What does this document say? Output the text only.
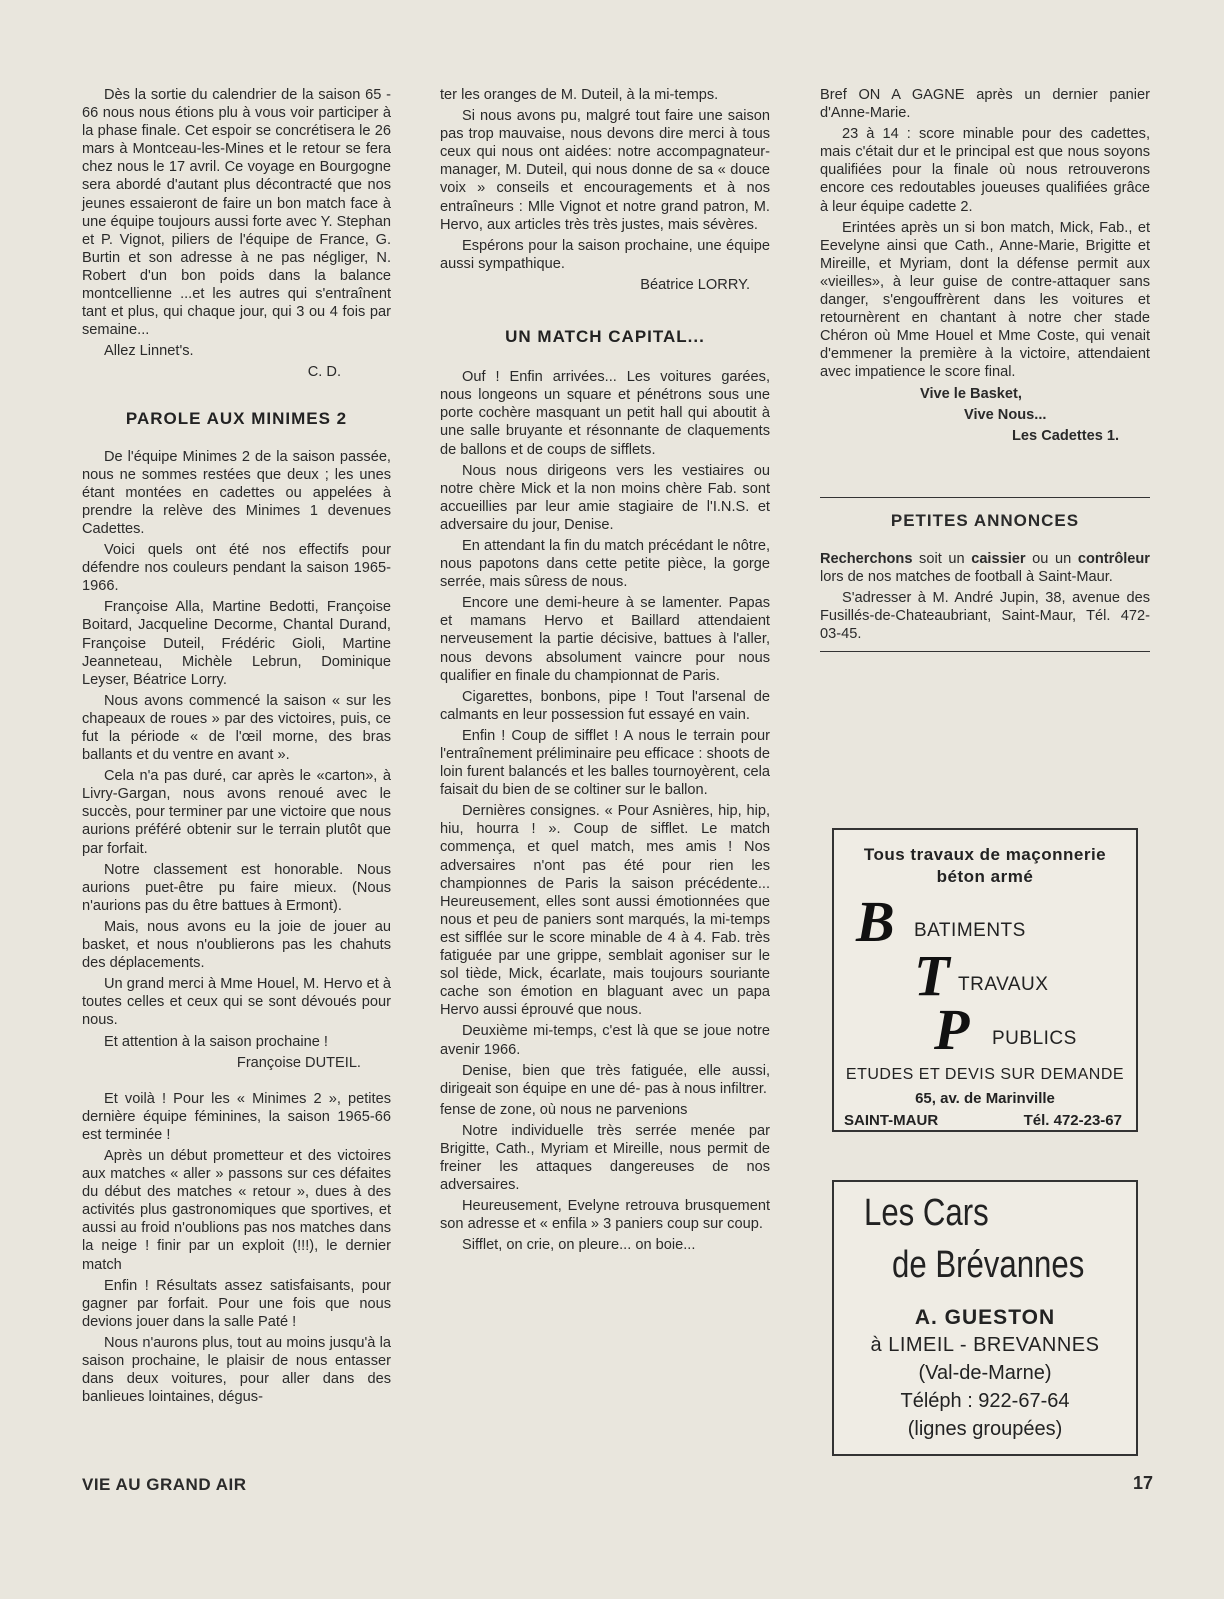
Dès la sortie du calendrier de la saison 65 - 66 nous nous étions plu à vous voir participer à la phase finale. Cet espoir se concrétisera le 26 mars à Montceau-les-Mines et le retour se fera chez nous le 17 avril. Ce voyage en Bourgogne sera abordé d'autant plus décontracté que nos jeunes essaieront de faire un bon match face à une équipe toujours aussi forte avec Y. Stephan et P. Vignot, piliers de l'équipe de France, G. Burtin et son adresse à ne pas négliger, N. Robert d'un bon poids dans la balance montcellienne ...et les autres qui s'entraînent tant et plus, qui chaque jour, qui 3 ou 4 fois par semaine...

Allez Linnet's.

C. D.
PAROLE AUX MINIMES 2

De l'équipe Minimes 2 de la saison passée, nous ne sommes restées que deux ; les unes étant montées en cadettes ou appelées à prendre la relève des Minimes 1 devenues Cadettes.

Voici quels ont été nos effectifs pour défendre nos couleurs pendant la saison 1965-1966.

Françoise Alla, Martine Bedotti, Françoise Boitard, Jacqueline Decorme, Chantal Durand, Françoise Duteil, Frédéric Gioli, Martine Jeanneteau, Michèle Lebrun, Dominique Leyser, Béatrice Lorry.

Nous avons commencé la saison « sur les chapeaux de roues » par des victoires, puis, ce fut la période « de l'œil morne, des bras ballants et du ventre en avant ».

Cela n'a pas duré, car après le «carton», à Livry-Gargan, nous avons renoué avec le succès, pour terminer par une victoire que nous aurions préféré obtenir sur le terrain plutôt que par forfait.

Notre classement est honorable. Nous aurions puet-être pu faire mieux. (Nous n'aurions pas du être battues à Ermont).

Mais, nous avons eu la joie de jouer au basket, et nous n'oublierons pas les chahuts des déplacements.

Un grand merci à Mme Houel, M. Hervo et à toutes celles et ceux qui se sont dévoués pour nous.

Et attention à la saison prochaine !

Françoise DUTEIL.

Et voilà ! Pour les « Minimes 2 », petites dernière équipe féminines, la saison 1965-66 est terminée !

Après un début prometteur et des victoires aux matches « aller » passons sur ces défaites du début des matches « retour », dues à des activités plus gastronomiques que sportives, et aussi au froid n'oublions pas nos matches dans la neige ! finir par un exploit (!!!), le dernier match

Enfin ! Résultats assez satisfaisants, pour gagner par forfait. Pour une fois que nous devions jouer dans la salle Paté !

Nous n'aurons plus, tout au moins jusqu'à la saison prochaine, le plaisir de nous entasser dans deux voitures, pour aller dans des banlieues lointaines, dégus-

ter les oranges de M. Duteil, à la mi-temps.

Si nous avons pu, malgré tout faire une saison pas trop mauvaise, nous devons dire merci à tous ceux qui nous ont aidées: notre accompagnateur-manager, M. Duteil, qui nous donne de sa « douce voix » conseils et encouragements et à nos entraîneurs : Mlle Vignot et notre grand patron, M. Hervo, aux articles très très justes, mais sévères.

Espérons pour la saison prochaine, une équipe aussi sympathique.

Béatrice LORRY.
UN MATCH CAPITAL...

Ouf ! Enfin arrivées... Les voitures garées, nous longeons un square et pénétrons sous une porte cochère masquant un petit hall qui aboutit à une salle bruyante et résonnante de claquements de ballons et de coups de sifflets.

Nous nous dirigeons vers les vestiaires ou notre chère Mick et la non moins chère Fab. sont accueillies par leur amie stagiaire de l'I.N.S. et adversaire du jour, Denise.

En attendant la fin du match précédant le nôtre, nous papotons dans cette petite pièce, la gorge serrée, mais sûress de nous.

Encore une demi-heure à se lamenter. Papas et mamans Hervo et Baillard attendaient nerveusement la partie décisive, battues à l'aller, nous devons absolument vaincre pour nous qualifier en finale du championnat de Paris.

Cigarettes, bonbons, pipe ! Tout l'arsenal de calmants en leur possession fut essayé en vain.

Enfin ! Coup de sifflet ! A nous le terrain pour l'entraînement préliminaire peu efficace : shoots de loin furent balancés et les balles tournoyèrent, cela faisait du bien de se coltiner sur le ballon.

Dernières consignes. « Pour Asnières, hip, hip, hiu, hourra ! ». Coup de sifflet. Le match commença, et quel match, mes amis ! Nos adversaires n'ont pas été pour rien les championnes de Paris la saison précédente... Heureusement, elles sont aussi émotionnées que nous et peu de paniers sont marqués, la mi-temps est sifflée sur le score minable de 4 à 4. Fab. très fatiguée par une grippe, semblait agoniser sur le sol tiède, Mick, écarlate, mais toujours souriante cache son émotion en blaguant avec un papa Hervo aussi éprouvé que nous.

Deuxième mi-temps, c'est là que se joue notre avenir 1966.

Denise, bien que très fatiguée, elle aussi, dirigeait son équipe en une dé- pas à nous infiltrer.

fense de zone, où nous ne parvenions

Notre individuelle très serrée menée par Brigitte, Cath., Myriam et Mireille, nous permit de freiner les attaques dangereuses de nos adversaires.

Heureusement, Evelyne retrouva brusquement son adresse et « enfila » 3 paniers coup sur coup.

Sifflet, on crie, on pleure... on boie...

Bref ON A GAGNE après un dernier panier d'Anne-Marie.

23 à 14 : score minable pour des cadettes, mais c'était dur et le principal est que nous soyons qualifiées pour la finale où nous retrouverons encore ces redoutables joueuses qualifiées grâce à leur équipe cadette 2.

Erintées après un si bon match, Mick, Fab., et Eevelyne ainsi que Cath., Anne-Marie, Brigitte et Mireille, et Myriam, dont la défense permit aux «vieilles», à leur guise de contre-attaquer sans danger, s'engouffrèrent dans les voitures et retournèrent en chantant à notre cher stade Chéron où Mme Houel et Mme Coste, qui venait d'emmener la première à la victoire, attendaient avec impatience le score final.

Vive le Basket,

Vive Nous...

Les Cadettes 1.

PETITES ANNONCES

Recherchons soit un caissier ou un contrôleur lors de nos matches de football à Saint-Maur.

S'adresser à M. André Jupin, 38, avenue des Fusillés-de-Chateaubriant, Saint-Maur, Tél. 472-03-45.

Tous travaux de maçonnerie
béton armé
B BATIMENTS
T TRAVAUX
P PUBLICS
ETUDES ET DEVIS SUR DEMANDE
65, av. de Marinville
SAINT-MAUR	Tél. 472-23-67
Les Cars
de Brévannes
A. GUESTON
à LIMEIL - BREVANNES
(Val-de-Marne)
Téléph : 922-67-64
(lignes groupées)
VIE AU GRAND AIR	17
